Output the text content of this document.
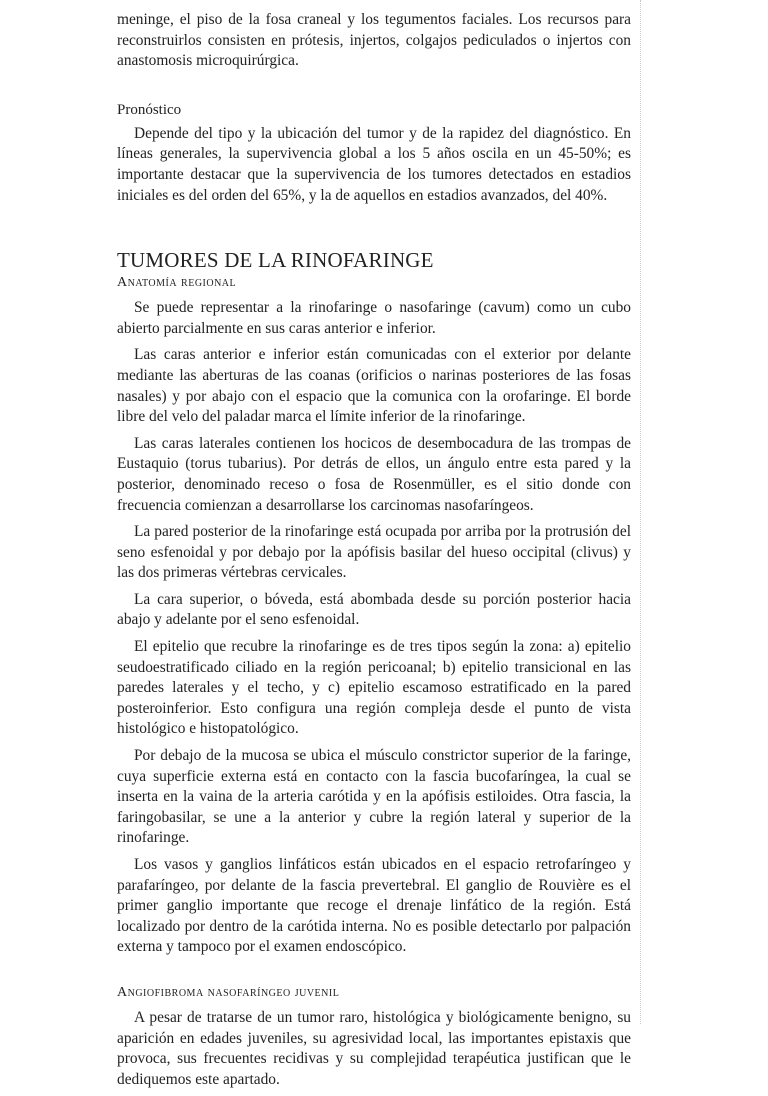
meninge, el piso de la fosa craneal y los tegumentos faciales. Los recursos para reconstruirlos consisten en prótesis, injertos, colgajos pediculados o injertos con anastomosis microquirúrgica.

Pronóstico

Depende del tipo y la ubicación del tumor y de la rapidez del diagnóstico. En líneas generales, la supervivencia global a los 5 años oscila en un 45-50%; es importante destacar que la supervivencia de los tumores detectados en estadios iniciales es del orden del 65%, y la de aquellos en estadios avanzados, del 40%.

TUMORES DE LA RINOFARINGE
Anatomía regional

Se puede representar a la rinofaringe o nasofaringe (cavum) como un cubo abierto parcialmente en sus caras anterior e inferior.

Las caras anterior e inferior están comunicadas con el exterior por delante mediante las aberturas de las coanas (orificios o narinas posteriores de las fosas nasales) y por abajo con el espacio que la comunica con la orofaringe. El borde libre del velo del paladar marca el límite inferior de la rinofaringe.

Las caras laterales contienen los hocicos de desembocadura de las trompas de Eustaquio (torus tubarius). Por detrás de ellos, un ángulo entre esta pared y la posterior, denominado receso o fosa de Rosenmüller, es el sitio donde con frecuencia comienzan a desarrollarse los carcinomas nasofaríngeos.

La pared posterior de la rinofaringe está ocupada por arriba por la protrusión del seno esfenoidal y por debajo por la apófisis basilar del hueso occipital (clivus) y las dos primeras vértebras cervicales.

La cara superior, o bóveda, está abombada desde su porción posterior hacia abajo y adelante por el seno esfenoidal.

El epitelio que recubre la rinofaringe es de tres tipos según la zona: a) epitelio seudoestratificado ciliado en la región pericoanal; b) epitelio transicional en las paredes laterales y el techo, y c) epitelio escamoso estratificado en la pared posteroinferior. Esto configura una región compleja desde el punto de vista histológico e histopatológico.

Por debajo de la mucosa se ubica el músculo constrictor superior de la faringe, cuya superficie externa está en contacto con la fascia bucofaríngea, la cual se inserta en la vaina de la arteria carótida y en la apófisis estiloides. Otra fascia, la faringobasilar, se une a la anterior y cubre la región lateral y superior de la rinofaringe.

Los vasos y ganglios linfáticos están ubicados en el espacio retrofaríngeo y parafaríngeo, por delante de la fascia prevertebral. El ganglio de Rouvière es el primer ganglio importante que recoge el drenaje linfático de la región. Está localizado por dentro de la carótida interna. No es posible detectarlo por palpación externa y tampoco por el examen endoscópico.

Angiofibroma nasofaríngeo juvenil

A pesar de tratarse de un tumor raro, histológica y biológicamente benigno, su aparición en edades juveniles, su agresividad local, las importantes epistaxis que provoca, sus frecuentes recidivas y su complejidad terapéutica justifican que le dediquemos este apartado.
